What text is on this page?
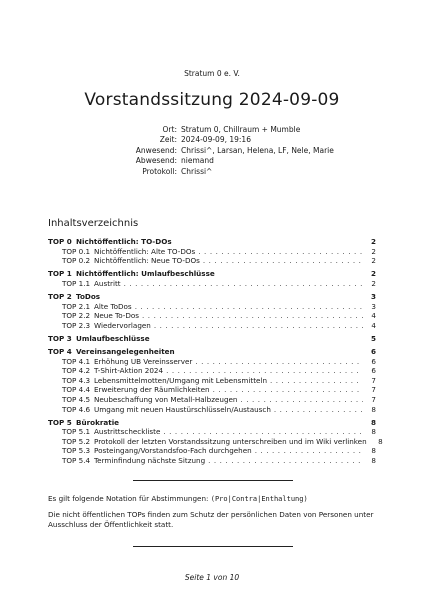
Stratum 0 e. V.
Vorstandssitzung 2024-09-09
Ort: Stratum 0, Chillraum + Mumble
Zeit: 2024-09-09, 19:16
Anwesend: Chrissi^, Larsan, Helena, LF, Nele, Marie
Abwesend: niemand
Protokoll: Chrissi^
Inhaltsverzeichnis
TOP 0 Nichtöffentlich: TO-DOs	2
TOP 0.1 Nichtöffentlich: Alte TO-DOs . . .	2
TOP 0.2 Nichtöffentlich: Neue TO-DOs . . .	2
TOP 1 Nichtöffentlich: Umlaufbeschlüsse	2
TOP 1.1 Austritt . . .	2
TOP 2 ToDos	3
TOP 2.1 Alte ToDos . . .	3
TOP 2.2 Neue To-Dos . . .	4
TOP 2.3 Wiedervorlagen . . .	4
TOP 3 Umlaufbeschlüsse	5
TOP 4 Vereinsangelegenheiten	6
TOP 4.1 Erhöhung UB Vereinsserver . . .	6
TOP 4.2 T-Shirt-Aktion 2024 . . .	6
TOP 4.3 Lebensmittelmotten/Umgang mit Lebensmitteln . . .	7
TOP 4.4 Erweiterung der Räumlichkeiten . . .	7
TOP 4.5 Neubeschaffung von Metall-Halbzeugen . . .	7
TOP 4.6 Umgang mit neuen Haustürschlüsseln/Austausch . . .	8
TOP 5 Bürokratie	8
TOP 5.1 Austrittscheckliste . . .	8
TOP 5.2 Protokoll der letzten Vorstandssitzung unterschreiben und im Wiki verlinken	8
TOP 5.3 Posteingang/Vorstandsfoo-Fach durchgehen . . .	8
TOP 5.4 Terminfindung nächste Sitzung . . .	8
Es gilt folgende Notation für Abstimmungen: (Pro|Contra|Enthaltung)
Die nicht öffentlichen TOPs finden zum Schutz der persönlichen Daten von Personen unter Ausschluss der Öffentlichkeit statt.
Seite 1 von 10
